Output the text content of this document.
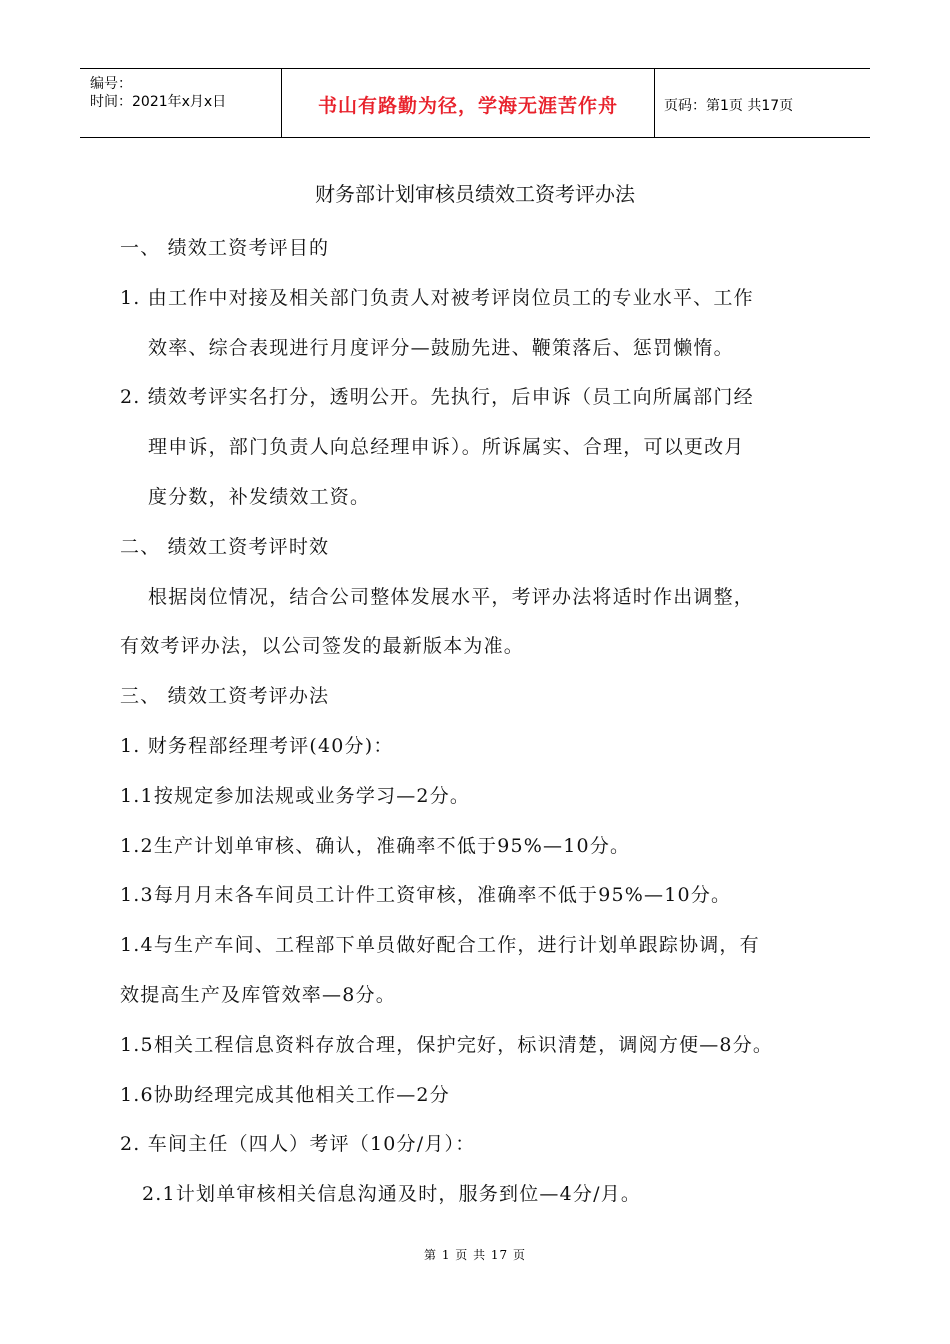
编号：
时间：2021年x月x日	书山有路勤为径，学海无涯苦作舟	页码：第1页 共17页
财务部计划审核员绩效工资考评办法
一、 绩效工资考评目的
1. 由工作中对接及相关部门负责人对被考评岗位员工的专业水平、工作
效率、综合表现进行月度评分—鼓励先进、鞭策落后、惩罚懒惰。
2. 绩效考评实名打分，透明公开。先执行，后申诉（员工向所属部门经
理申诉，部门负责人向总经理申诉）。所诉属实、合理，可以更改月
度分数，补发绩效工资。
二、 绩效工资考评时效
根据岗位情况，结合公司整体发展水平，考评办法将适时作出调整，
有效考评办法，以公司签发的最新版本为准。
三、 绩效工资考评办法
1. 财务程部经理考评(40分)：
1.1按规定参加法规或业务学习—2分。
1.2生产计划单审核、确认，准确率不低于95%—10分。
1.3每月月末各车间员工计件工资审核，准确率不低于95%—10分。
1.4与生产车间、工程部下单员做好配合工作，进行计划单跟踪协调，有
效提高生产及库管效率—8分。
1.5相关工程信息资料存放合理，保护完好，标识清楚，调阅方便—8分。
1.6协助经理完成其他相关工作—2分
2. 车间主任（四人）考评（10分/月）：
2.1计划单审核相关信息沟通及时，服务到位—4分/月。
第 1 页 共 17 页
